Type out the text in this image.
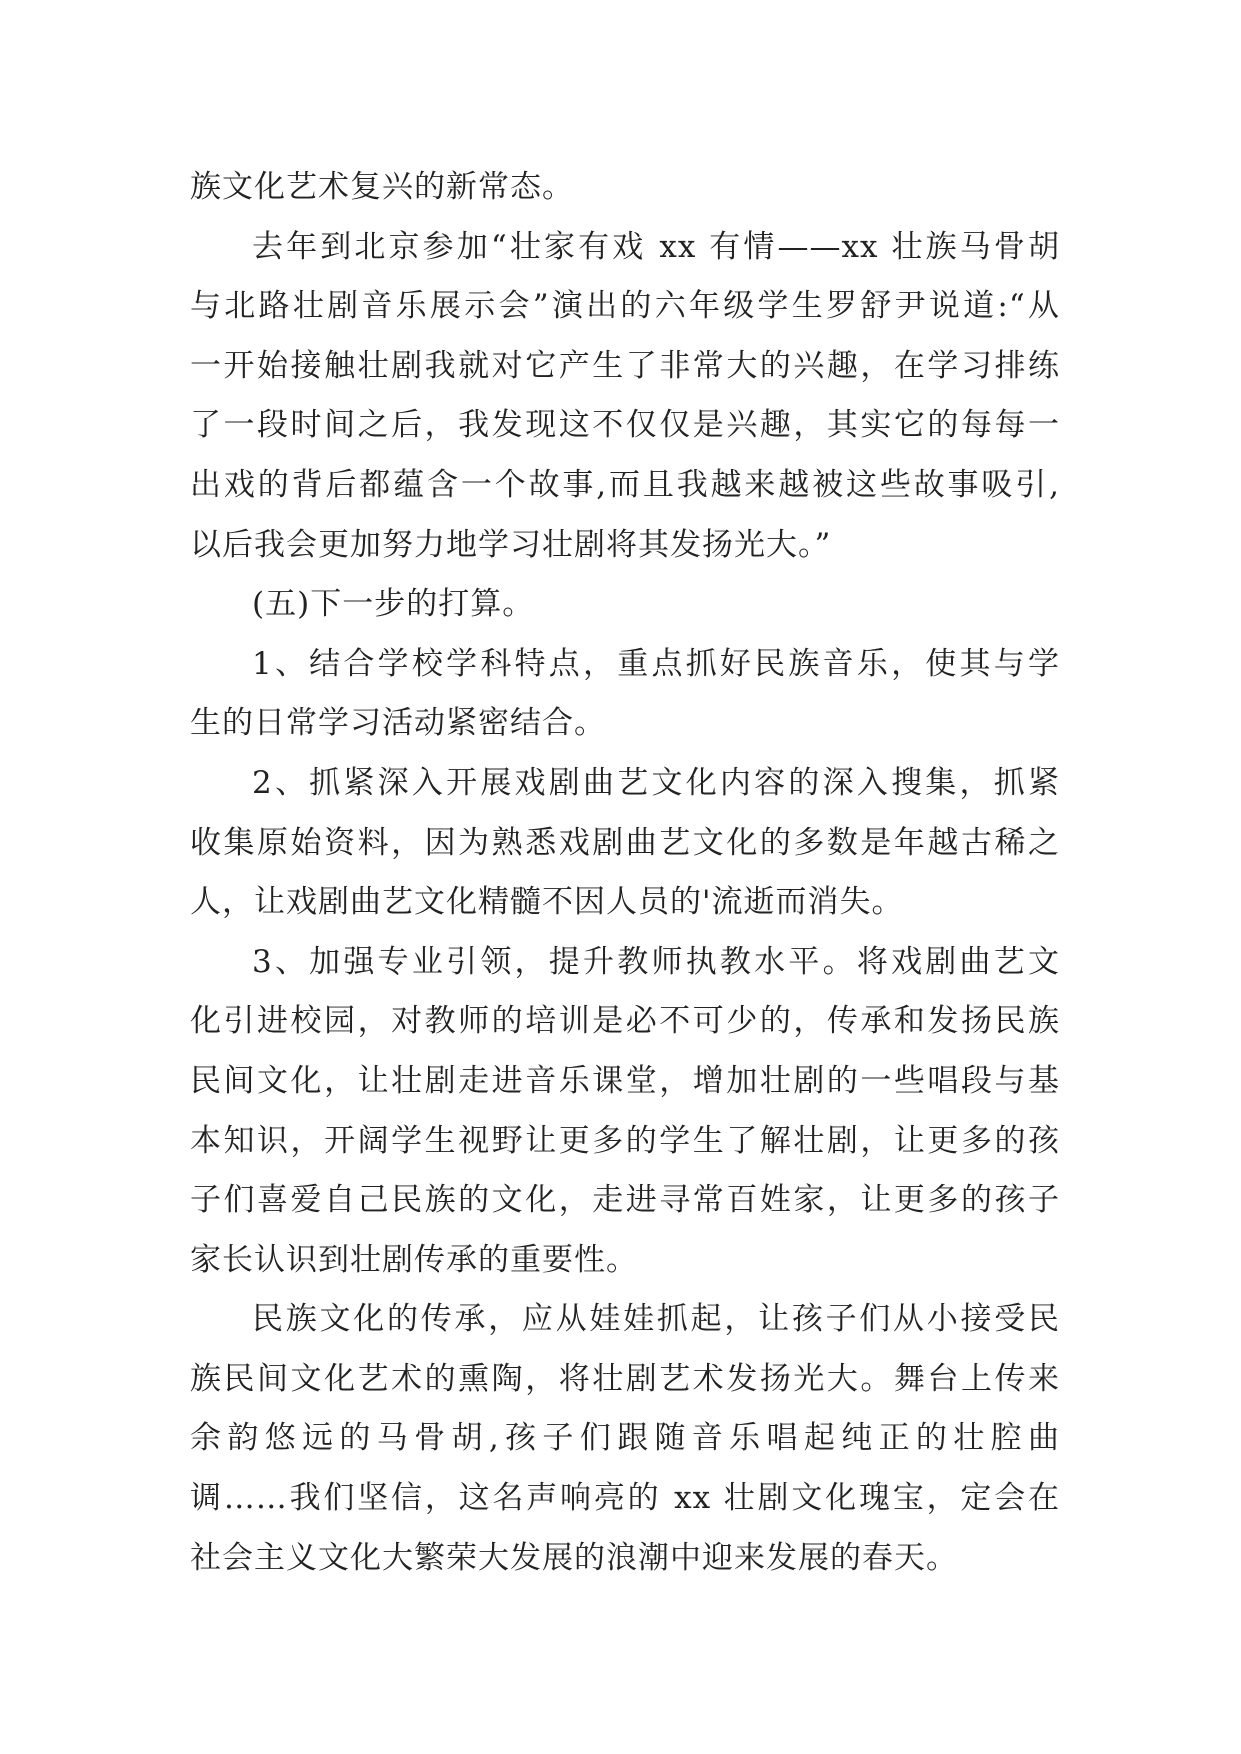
族文化艺术复兴的新常态。
去年到北京参加“壮家有戏 xx 有情——xx 壮族马骨胡
与北路壮剧音乐展示会”演出的六年级学生罗舒尹说道:“从
一开始接触壮剧我就对它产生了非常大的兴趣，在学习排练
了一段时间之后，我发现这不仅仅是兴趣，其实它的每每一
出戏的背后都蕴含一个故事,而且我越来越被这些故事吸引,
以后我会更加努力地学习壮剧将其发扬光大。”
(五)下一步的打算。
1、结合学校学科特点，重点抓好民族音乐，使其与学
生的日常学习活动紧密结合。
2、抓紧深入开展戏剧曲艺文化内容的深入搜集，抓紧
收集原始资料，因为熟悉戏剧曲艺文化的多数是年越古稀之
人，让戏剧曲艺文化精髓不因人员的'流逝而消失。
3、加强专业引领，提升教师执教水平。将戏剧曲艺文
化引进校园，对教师的培训是必不可少的，传承和发扬民族
民间文化，让壮剧走进音乐课堂，增加壮剧的一些唱段与基
本知识，开阔学生视野让更多的学生了解壮剧，让更多的孩
子们喜爱自己民族的文化，走进寻常百姓家，让更多的孩子
家长认识到壮剧传承的重要性。
民族文化的传承，应从娃娃抓起，让孩子们从小接受民
族民间文化艺术的熏陶，将壮剧艺术发扬光大。舞台上传来
余韵悠远的马骨胡,孩子们跟随音乐唱起纯正的壮腔曲
调……我们坚信，这名声响亮的 xx 壮剧文化瑰宝，定会在
社会主义文化大繁荣大发展的浪潮中迎来发展的春天。
